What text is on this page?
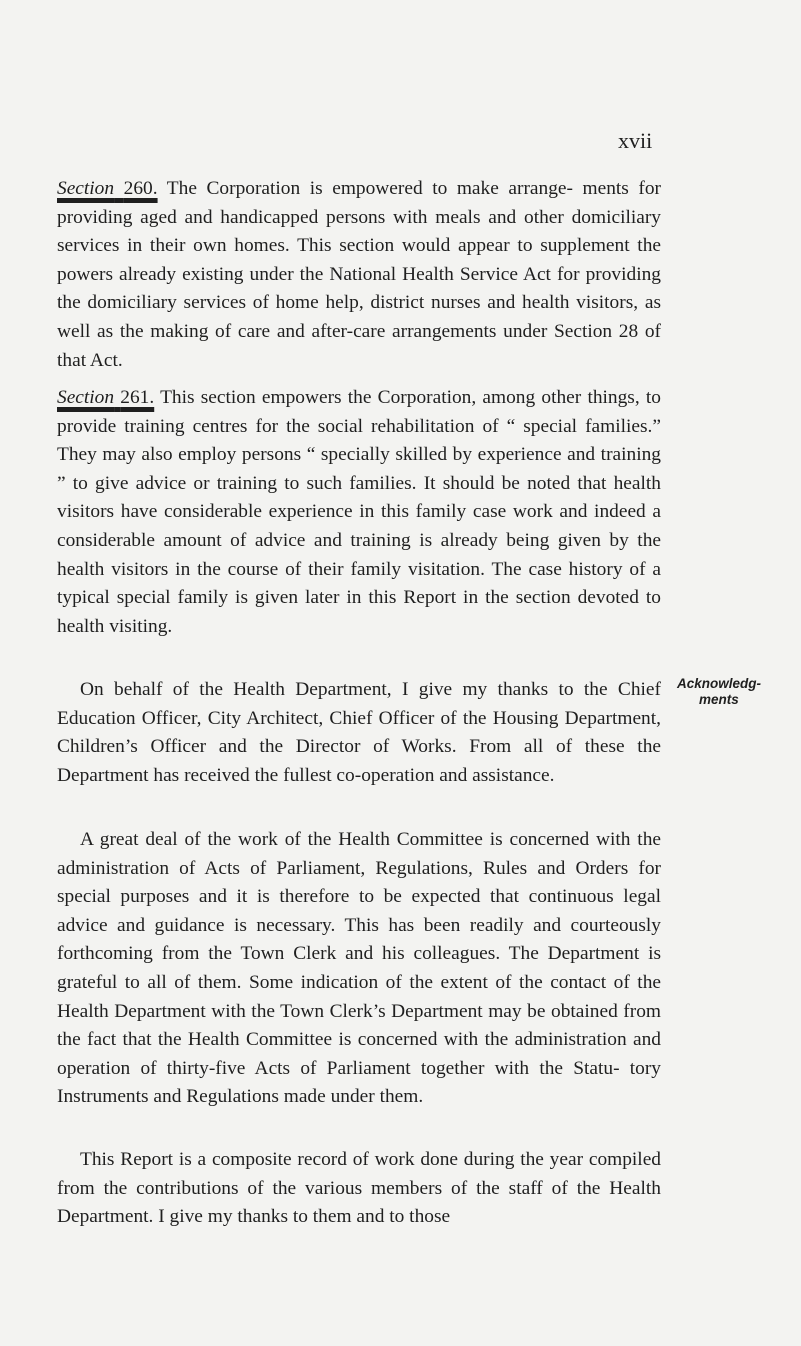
xvii

Section 260. The Corporation is empowered to make arrange- ments for providing aged and handicapped persons with meals and other domiciliary services in their own homes. This section would appear to supplement the powers already existing under the National Health Service Act for providing the domiciliary services of home help, district nurses and health visitors, as well as the making of care and after-care arrangements under Section 28 of that Act.

Section 261. This section empowers the Corporation, among other things, to provide training centres for the social rehabilitation of “ special families.” They may also employ persons “ specially skilled by experience and training ” to give advice or training to such families. It should be noted that health visitors have considerable experience in this family case work and indeed a considerable amount of advice and training is already being given by the health visitors in the course of their family visitation. The case history of a typical special family is given later in this Report in the section devoted to health visiting.

On behalf of the Health Department, I give my thanks to the Chief Education Officer, City Architect, Chief Officer of the Housing Department, Children’s Officer and the Director of Works. From all of these the Department has received the fullest co-operation and assistance.

Acknowledg-
ments

A great deal of the work of the Health Committee is concerned with the administration of Acts of Parliament, Regulations, Rules and Orders for special purposes and it is therefore to be expected that continuous legal advice and guidance is necessary. This has been readily and courteously forthcoming from the Town Clerk and his colleagues. The Department is grateful to all of them. Some indication of the extent of the contact of the Health Department with the Town Clerk’s Department may be obtained from the fact that the Health Committee is concerned with the administration and operation of thirty-five Acts of Parliament together with the Statu- tory Instruments and Regulations made under them.

This Report is a composite record of work done during the year compiled from the contributions of the various members of the staff of the Health Department. I give my thanks to them and to those
